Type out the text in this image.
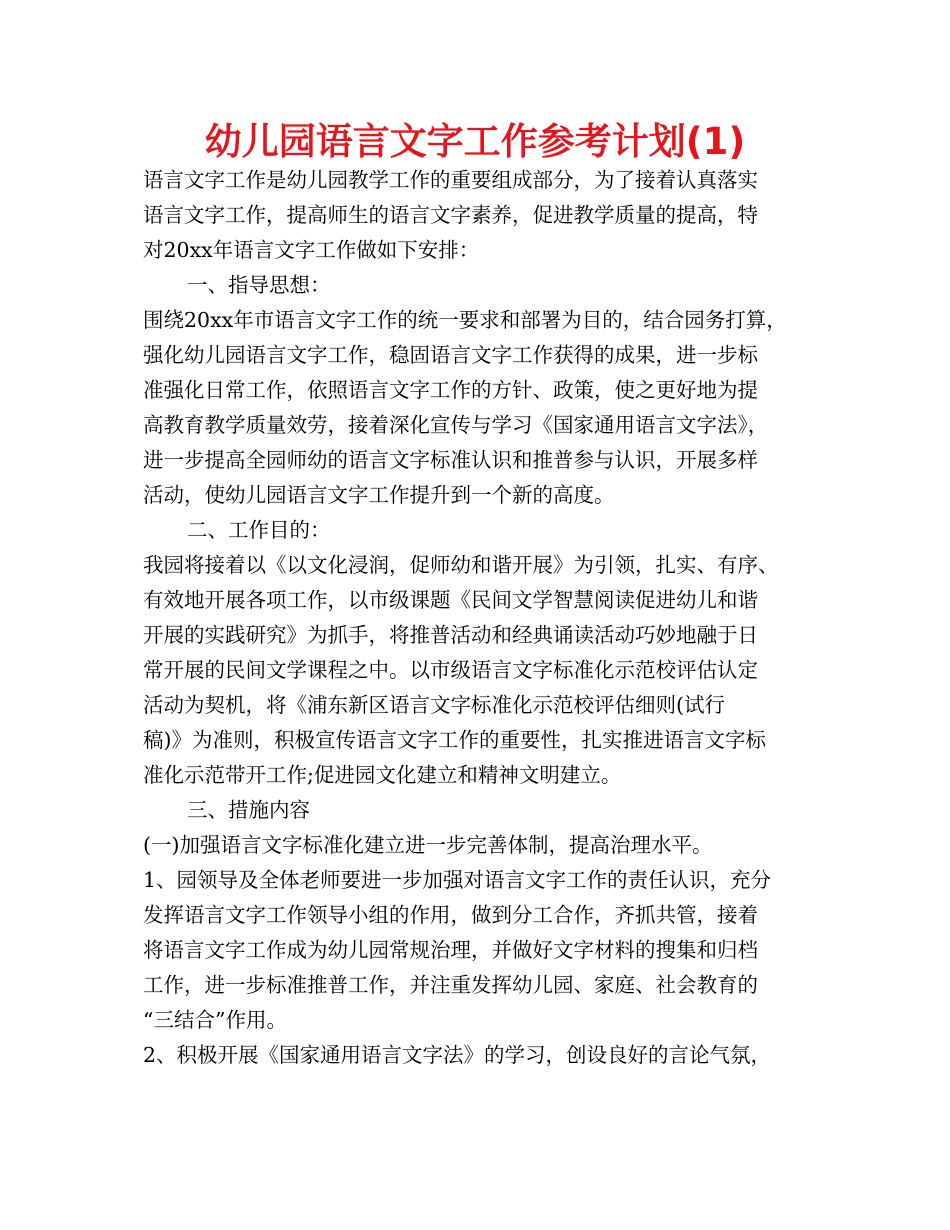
幼儿园语言文字工作参考计划(1)

语言文字工作是幼儿园教学工作的重要组成部分，为了接着认真落实

语言文字工作，提高师生的语言文字素养，促进教学质量的提高，特

对20xx年语言文字工作做如下安排：

一、指导思想：

围绕20xx年市语言文字工作的统一要求和部署为目的，结合园务打算，

强化幼儿园语言文字工作，稳固语言文字工作获得的成果，进一步标

准强化日常工作，依照语言文字工作的方针、政策，使之更好地为提

高教育教学质量效劳，接着深化宣传与学习《国家通用语言文字法》，

进一步提高全园师幼的语言文字标准认识和推普参与认识，开展多样

活动，使幼儿园语言文字工作提升到一个新的高度。

二、工作目的：

我园将接着以《以文化浸润，促师幼和谐开展》为引领，扎实、有序、

有效地开展各项工作，以市级课题《民间文学智慧阅读促进幼儿和谐

开展的实践研究》为抓手，将推普活动和经典诵读活动巧妙地融于日

常开展的民间文学课程之中。以市级语言文字标准化示范校评估认定

活动为契机，将《浦东新区语言文字标准化示范校评估细则(试行

稿)》为准则，积极宣传语言文字工作的重要性，扎实推进语言文字标

准化示范带开工作;促进园文化建立和精神文明建立。

三、措施内容

(一)加强语言文字标准化建立进一步完善体制，提高治理水平。

1、园领导及全体老师要进一步加强对语言文字工作的责任认识，充分

发挥语言文字工作领导小组的作用，做到分工合作，齐抓共管，接着

将语言文字工作成为幼儿园常规治理，并做好文字材料的搜集和归档

工作，进一步标准推普工作，并注重发挥幼儿园、家庭、社会教育的

“三结合”作用。

2、积极开展《国家通用语言文字法》的学习，创设良好的言论气氛，
